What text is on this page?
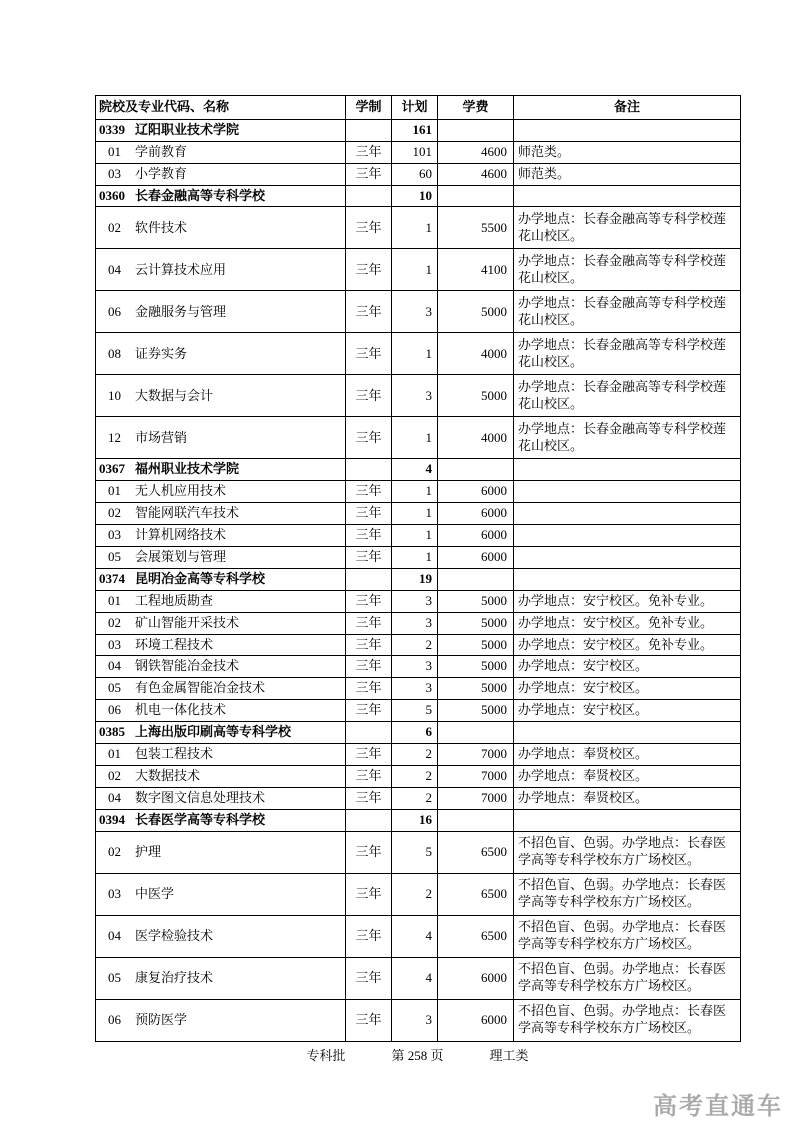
院校及专业代码、名称	学制	计划	学费	备注
0339 辽阳职业技术学院		161		
01 学前教育	三年	101	4600	师范类。
03 小学教育	三年	60	4600	师范类。
0360 长春金融高等专科学校		10		
02 软件技术	三年	1	5500	办学地点：长春金融高等专科学校莲花山校区。
04 云计算技术应用	三年	1	4100	办学地点：长春金融高等专科学校莲花山校区。
06 金融服务与管理	三年	3	5000	办学地点：长春金融高等专科学校莲花山校区。
08 证券实务	三年	1	4000	办学地点：长春金融高等专科学校莲花山校区。
10 大数据与会计	三年	3	5000	办学地点：长春金融高等专科学校莲花山校区。
12 市场营销	三年	1	4000	办学地点：长春金融高等专科学校莲花山校区。
0367 福州职业技术学院		4		
01 无人机应用技术	三年	1	6000	
02 智能网联汽车技术	三年	1	6000	
03 计算机网络技术	三年	1	6000	
05 会展策划与管理	三年	1	6000	
0374 昆明冶金高等专科学校		19		
01 工程地质勘查	三年	3	5000	办学地点：安宁校区。免补专业。
02 矿山智能开采技术	三年	3	5000	办学地点：安宁校区。免补专业。
03 环境工程技术	三年	2	5000	办学地点：安宁校区。免补专业。
04 钢铁智能冶金技术	三年	3	5000	办学地点：安宁校区。
05 有色金属智能冶金技术	三年	3	5000	办学地点：安宁校区。
06 机电一体化技术	三年	5	5000	办学地点：安宁校区。
0385 上海出版印刷高等专科学校		6		
01 包装工程技术	三年	2	7000	办学地点：奉贤校区。
02 大数据技术	三年	2	7000	办学地点：奉贤校区。
04 数字图文信息处理技术	三年	2	7000	办学地点：奉贤校区。
0394 长春医学高等专科学校		16		
02 护理	三年	5	6500	不招色盲、色弱。办学地点：长春医学高等专科学校东方广场校区。
03 中医学	三年	2	6500	不招色盲、色弱。办学地点：长春医学高等专科学校东方广场校区。
04 医学检验技术	三年	4	6500	不招色盲、色弱。办学地点：长春医学高等专科学校东方广场校区。
05 康复治疗技术	三年	4	6000	不招色盲、色弱。办学地点：长春医学高等专科学校东方广场校区。
06 预防医学	三年	3	6000	不招色盲、色弱。办学地点：长春医学高等专科学校东方广场校区。
专科批	第 258 页	理工类
高考直通车
